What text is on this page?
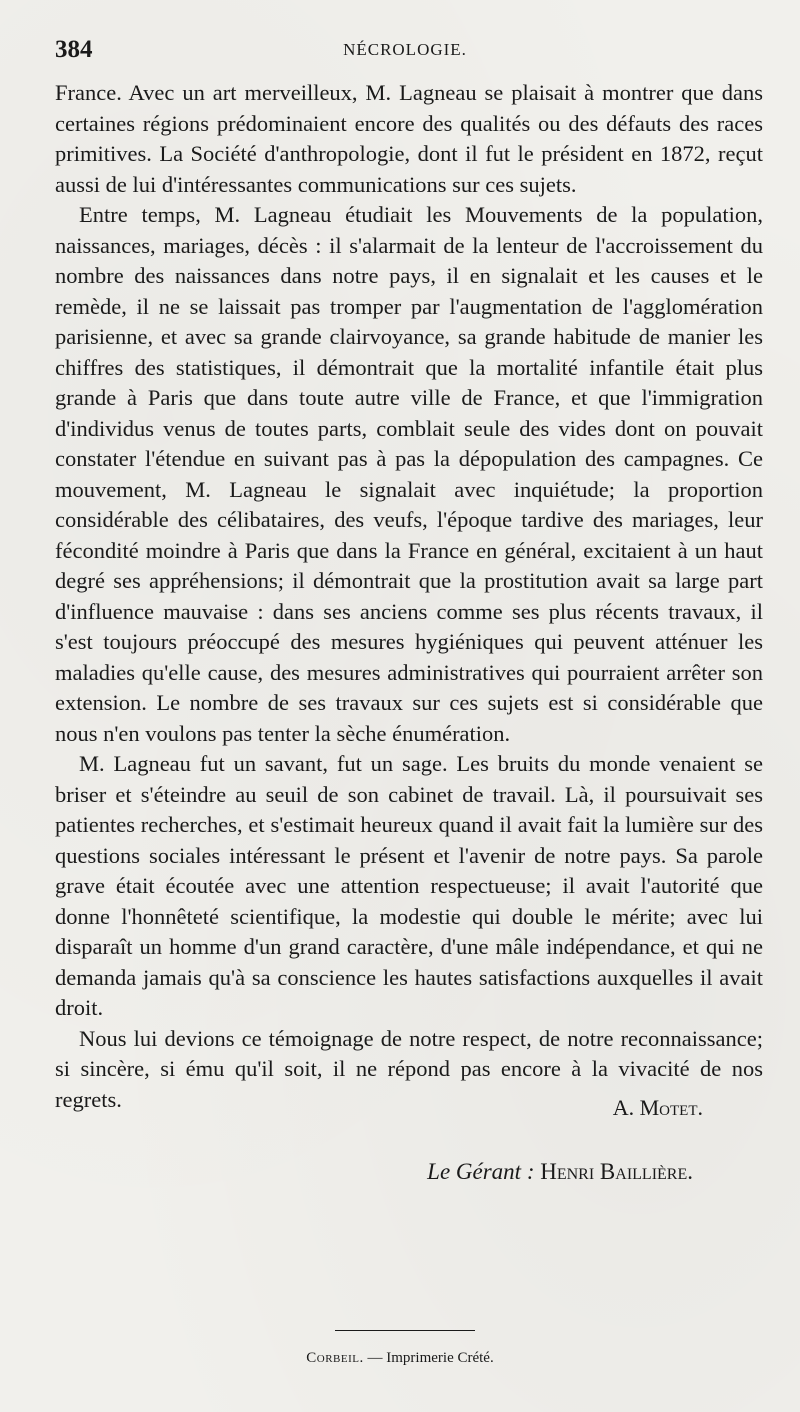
384	NÉCROLOGIE.

France. Avec un art merveilleux, M. Lagneau se plaisait à montrer que dans certaines régions prédominaient encore des qualités ou des défauts des races primitives. La Société d'anthropologie, dont il fut le président en 1872, reçut aussi de lui d'intéressantes communications sur ces sujets.

Entre temps, M. Lagneau étudiait les Mouvements de la population, naissances, mariages, décès : il s'alarmait de la lenteur de l'accroissement du nombre des naissances dans notre pays, il en signalait et les causes et le remède, il ne se laissait pas tromper par l'augmentation de l'agglomération parisienne, et avec sa grande clairvoyance, sa grande habitude de manier les chiffres des statistiques, il démontrait que la mortalité infantile était plus grande à Paris que dans toute autre ville de France, et que l'immigration d'individus venus de toutes parts, comblait seule des vides dont on pouvait constater l'étendue en suivant pas à pas la dépopulation des campagnes. Ce mouvement, M. Lagneau le signalait avec inquiétude; la proportion considérable des célibataires, des veufs, l'époque tardive des mariages, leur fécondité moindre à Paris que dans la France en général, excitaient à un haut degré ses appréhensions; il démontrait que la prostitution avait sa large part d'influence mauvaise : dans ses anciens comme ses plus récents travaux, il s'est toujours préoccupé des mesures hygiéniques qui peuvent atténuer les maladies qu'elle cause, des mesures administratives qui pourraient arrêter son extension. Le nombre de ses travaux sur ces sujets est si considérable que nous n'en voulons pas tenter la sèche énumération.

M. Lagneau fut un savant, fut un sage. Les bruits du monde venaient se briser et s'éteindre au seuil de son cabinet de travail. Là, il poursuivait ses patientes recherches, et s'estimait heureux quand il avait fait la lumière sur des questions sociales intéressant le présent et l'avenir de notre pays. Sa parole grave était écoutée avec une attention respectueuse; il avait l'autorité que donne l'honnêteté scientifique, la modestie qui double le mérite; avec lui disparaît un homme d'un grand caractère, d'une mâle indépendance, et qui ne demanda jamais qu'à sa conscience les hautes satisfactions auxquelles il avait droit.

Nous lui devions ce témoignage de notre respect, de notre reconnaissance; si sincère, si ému qu'il soit, il ne répond pas encore à la vivacité de nos regrets.	A. Motet.
Le Gérant : Henri Baillière.
Corbeil. — Imprimerie Crété.
